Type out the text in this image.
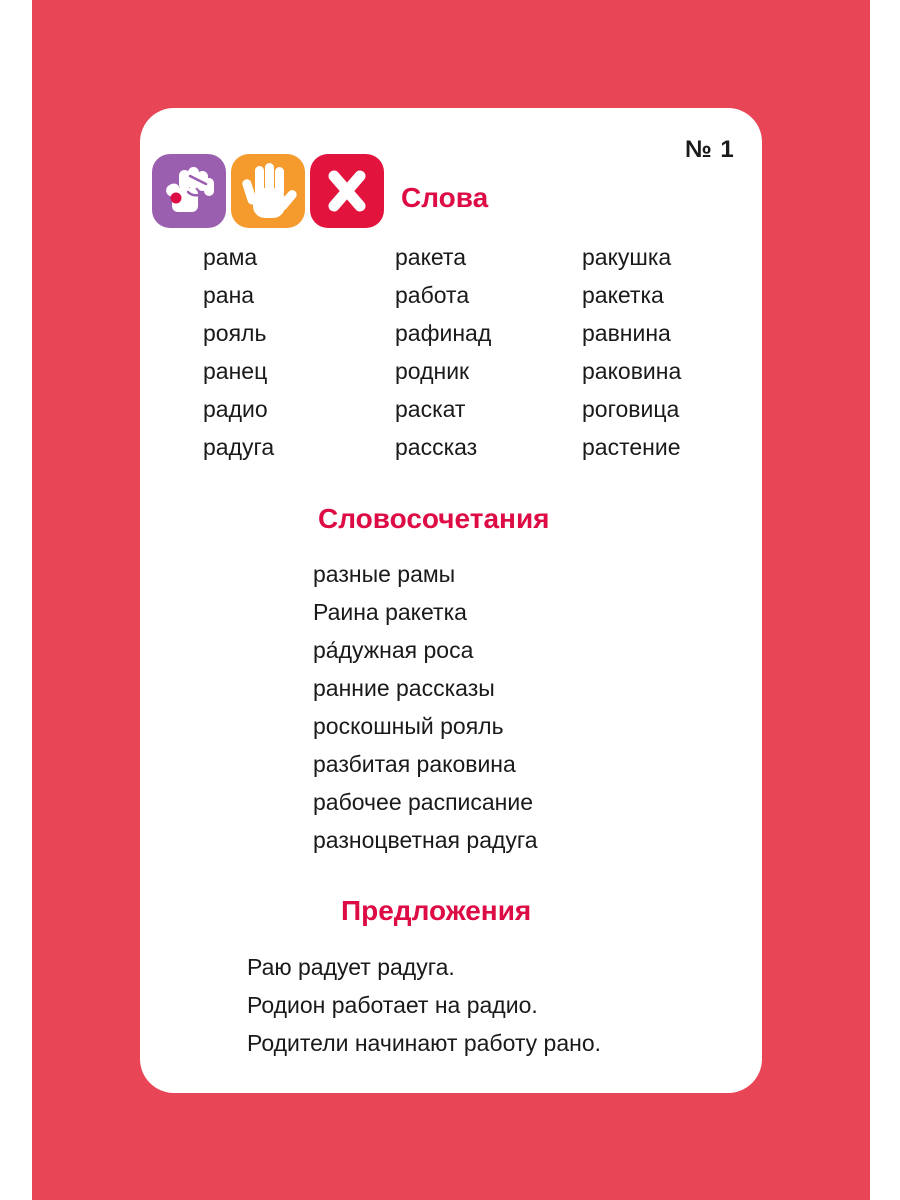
№ 1
Слова
рама
рана
рояль
ранец
радио
радуга
ракета
работа
рафинад
родник
раскат
рассказ
ракушка
ракетка
равнина
раковина
роговица
растение
Словосочетания
разные рамы
Раина ракетка
ра́дужная роса
ранние рассказы
роскошный рояль
разбитая раковина
рабочее расписание
разноцветная радуга
Предложения
Раю радует радуга.
Родион работает на радио.
Родители начинают работу рано.
